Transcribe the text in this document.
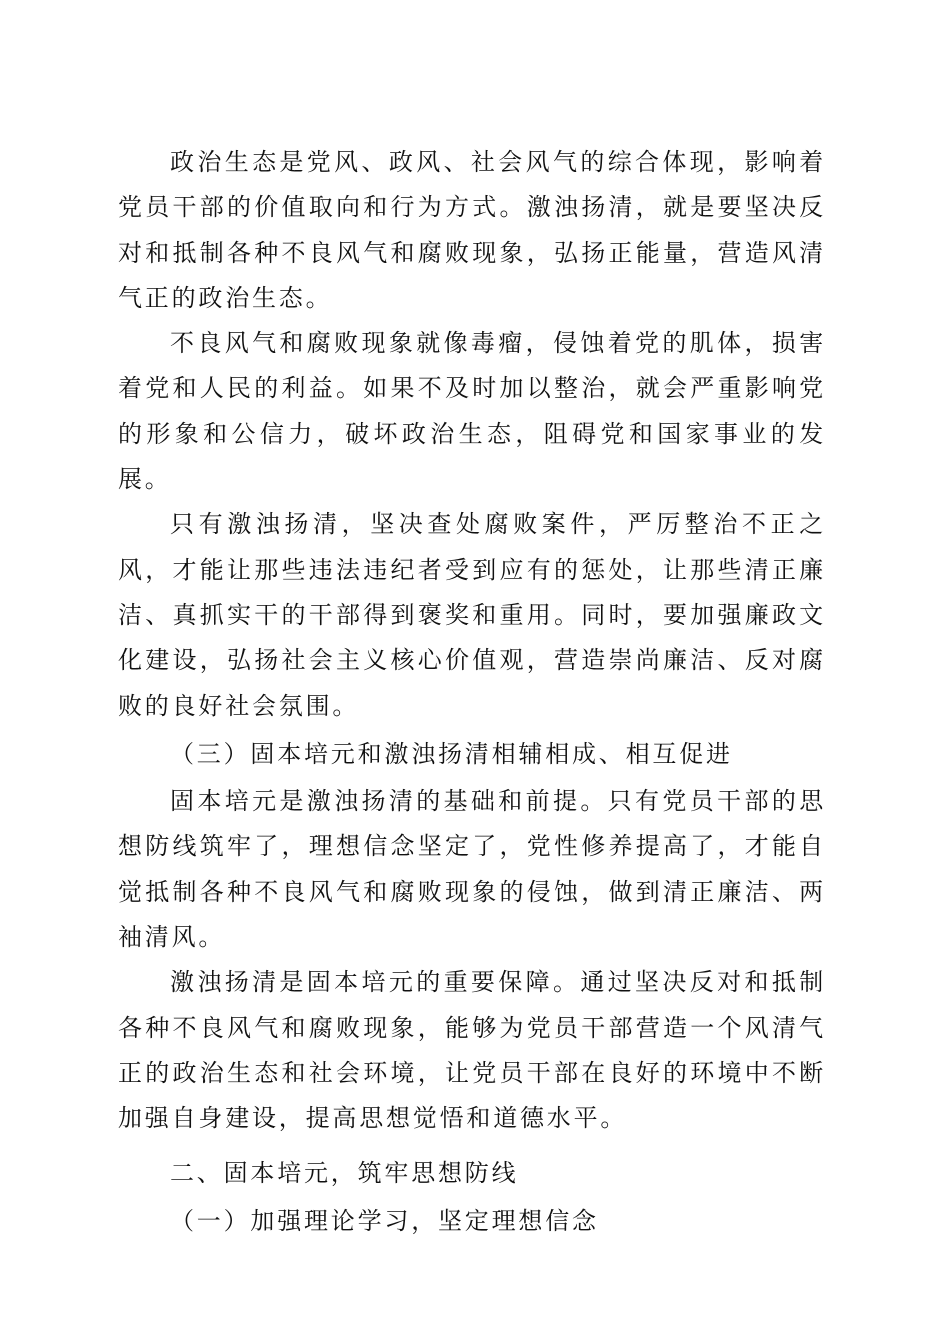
政治生态是党风、政风、社会风气的综合体现，影响着党员干部的价值取向和行为方式。激浊扬清，就是要坚决反对和抵制各种不良风气和腐败现象，弘扬正能量，营造风清气正的政治生态。

不良风气和腐败现象就像毒瘤，侵蚀着党的肌体，损害着党和人民的利益。如果不及时加以整治，就会严重影响党的形象和公信力，破坏政治生态，阻碍党和国家事业的发展。

只有激浊扬清，坚决查处腐败案件，严厉整治不正之风，才能让那些违法违纪者受到应有的惩处，让那些清正廉洁、真抓实干的干部得到褒奖和重用。同时，要加强廉政文化建设，弘扬社会主义核心价值观，营造崇尚廉洁、反对腐败的良好社会氛围。

（三）固本培元和激浊扬清相辅相成、相互促进

固本培元是激浊扬清的基础和前提。只有党员干部的思想防线筑牢了，理想信念坚定了，党性修养提高了，才能自觉抵制各种不良风气和腐败现象的侵蚀，做到清正廉洁、两袖清风。

激浊扬清是固本培元的重要保障。通过坚决反对和抵制各种不良风气和腐败现象，能够为党员干部营造一个风清气正的政治生态和社会环境，让党员干部在良好的环境中不断加强自身建设，提高思想觉悟和道德水平。

二、固本培元，筑牢思想防线
（一）加强理论学习，坚定理想信念
